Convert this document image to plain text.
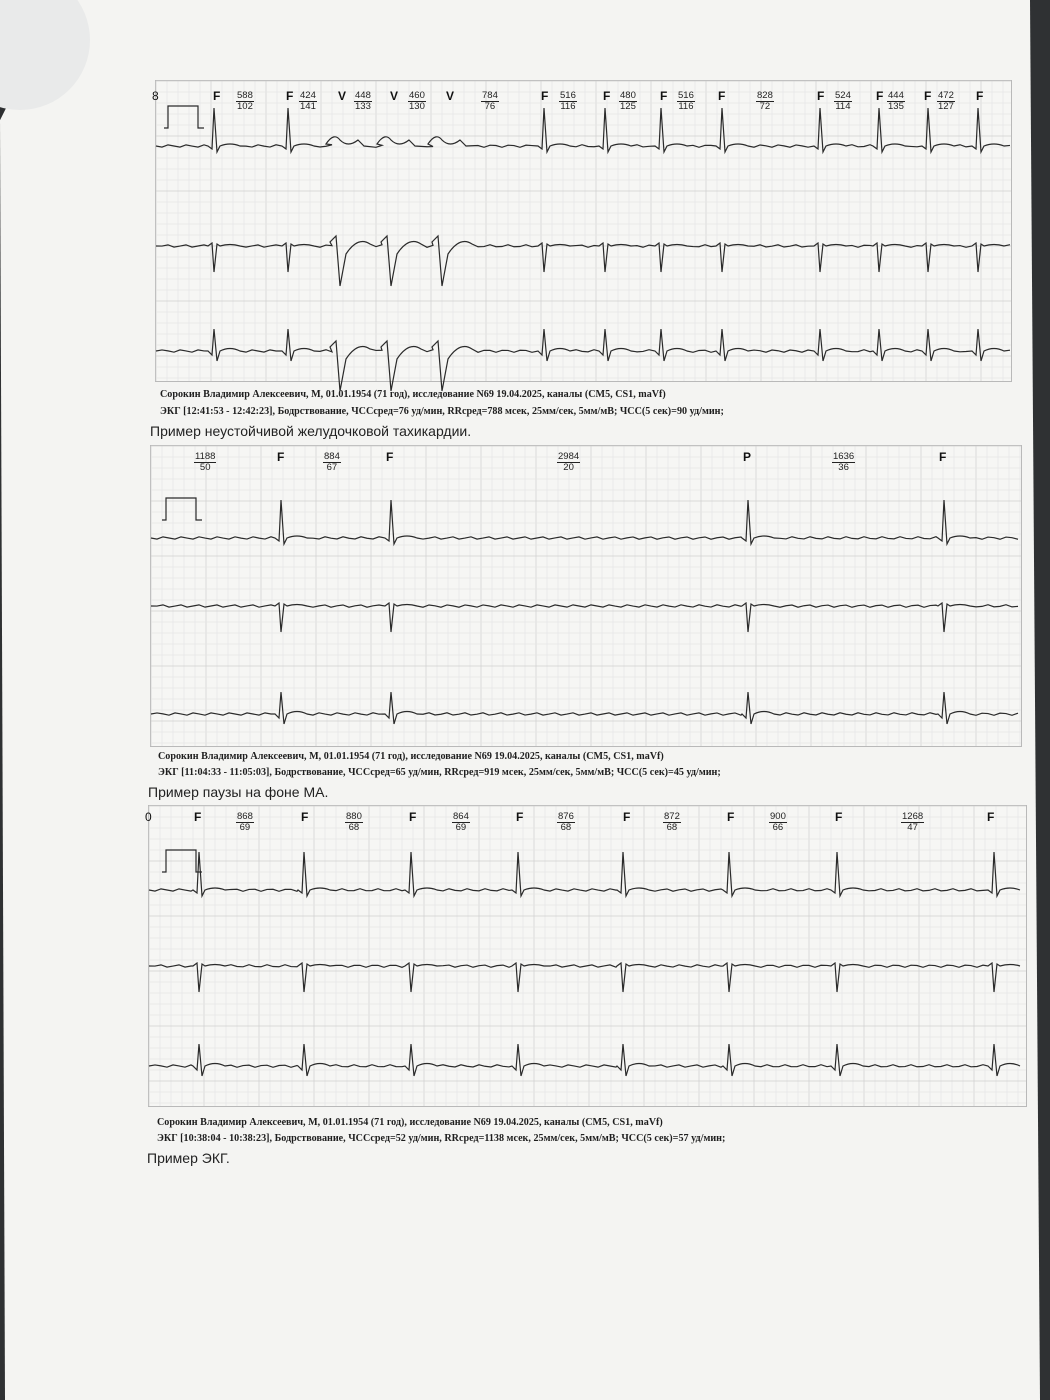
F	F	V	V	V	F	F	F	F	F	F	F	F
$\frac{588}{102}$	$\frac{424}{141}$	$\frac{448}{133}$	$\frac{460}{130}$	$\frac{784}{76}$	$\frac{516}{116}$	$\frac{480}{125}$	$\frac{516}{116}$	$\frac{828}{72}$	$\frac{524}{114}$	$\frac{444}{135}$	$\frac{472}{127}$
8
Сорокин Владимир Алексеевич, М, 01.01.1954 (71 год), исследование N69 19.04.2025, каналы (CM5, CS1, maVf)
ЭКГ [12:41:53 - 12:42:23], Бодрствование, ЧССсред=76 уд/мин, RRсред=788 мсек, 25мм/сек, 5мм/мВ; ЧСС(5 сек)=90 уд/мин;
Пример неустойчивой желудочковой тахикардии.
F	F	P	F
$\frac{1188}{50}$	$\frac{884}{67}$	$\frac{2984}{20}$	$\frac{1636}{36}$
Сорокин Владимир Алексеевич, М, 01.01.1954 (71 год), исследование N69 19.04.2025, каналы (CM5, CS1, maVf)
ЭКГ [11:04:33 - 11:05:03], Бодрствование, ЧССсред=65 уд/мин, RRсред=919 мсек, 25мм/сек, 5мм/мВ; ЧСС(5 сек)=45 уд/мин;
Пример паузы на фоне МА.
F	F	F	F	F	F	F	F
$\frac{868}{69}$	$\frac{880}{68}$	$\frac{864}{69}$	$\frac{876}{68}$	$\frac{872}{68}$	$\frac{900}{66}$	$\frac{1268}{47}$
0
Сорокин Владимир Алексеевич, М, 01.01.1954 (71 год), исследование N69 19.04.2025, каналы (CM5, CS1, maVf)
ЭКГ [10:38:04 - 10:38:23], Бодрствование, ЧССсред=52 уд/мин, RRсред=1138 мсек, 25мм/сек, 5мм/мВ; ЧСС(5 сек)=57 уд/мин;
Пример ЭКГ.
